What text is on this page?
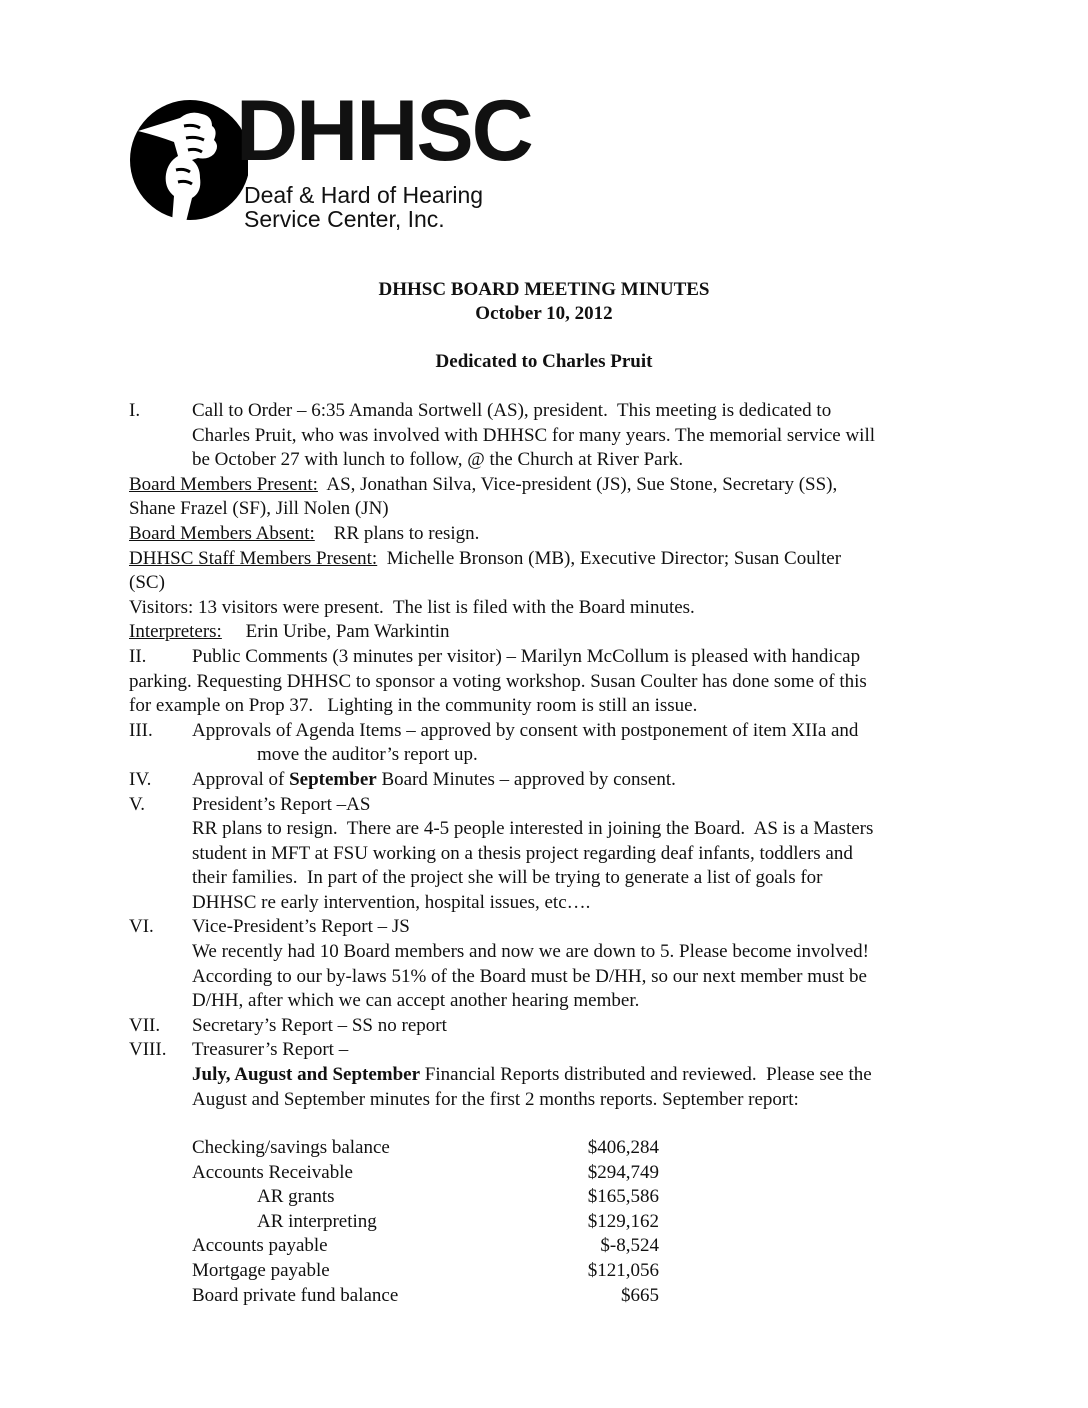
DHHSC
Deaf & Hard of Hearing
Service Center, Inc.
DHHSC BOARD MEETING MINUTES
October 10, 2012
Dedicated to Charles Pruit
I.	Call to Order – 6:35 Amanda Sortwell (AS), president.  This meeting is dedicated to
Charles Pruit, who was involved with DHHSC for many years. The memorial service will
be October 27 with lunch to follow, @ the Church at River Park.
Board Members Present:  AS, Jonathan Silva, Vice-president (JS), Sue Stone, Secretary (SS),
Shane Frazel (SF), Jill Nolen (JN)
Board Members Absent:    RR plans to resign.
DHHSC Staff Members Present:  Michelle Bronson (MB), Executive Director; Susan Coulter
(SC)
Visitors: 13 visitors were present.  The list is filed with the Board minutes.
Interpreters:     Erin Uribe, Pam Warkintin
II. Public Comments (3 minutes per visitor) – Marilyn McCollum is pleased with handicap
parking. Requesting DHHSC to sponsor a voting workshop. Susan Coulter has done some of this
for example on Prop 37.   Lighting in the community room is still an issue.
III. Approvals of Agenda Items – approved by consent with postponement of item XIIa and
move the auditor’s report up.
IV. Approval of September Board Minutes – approved by consent.
V. President’s Report –AS
RR plans to resign.  There are 4-5 people interested in joining the Board.  AS is a Masters
student in MFT at FSU working on a thesis project regarding deaf infants, toddlers and
their families.  In part of the project she will be trying to generate a list of goals for
DHHSC re early intervention, hospital issues, etc….
VI. Vice-President’s Report – JS
We recently had 10 Board members and now we are down to 5. Please become involved!
According to our by-laws 51% of the Board must be D/HH, so our next member must be
D/HH, after which we can accept another hearing member.
VII. Secretary’s Report – SS no report
VIII. Treasurer’s Report –
July, August and September Financial Reports distributed and reviewed.  Please see the
August and September minutes for the first 2 months reports. September report:
Checking/savings balance	$406,284
Accounts Receivable	$294,749
AR grants	$165,586
AR interpreting	$129,162
Accounts payable	$-8,524
Mortgage payable	$121,056
Board private fund balance	$665
